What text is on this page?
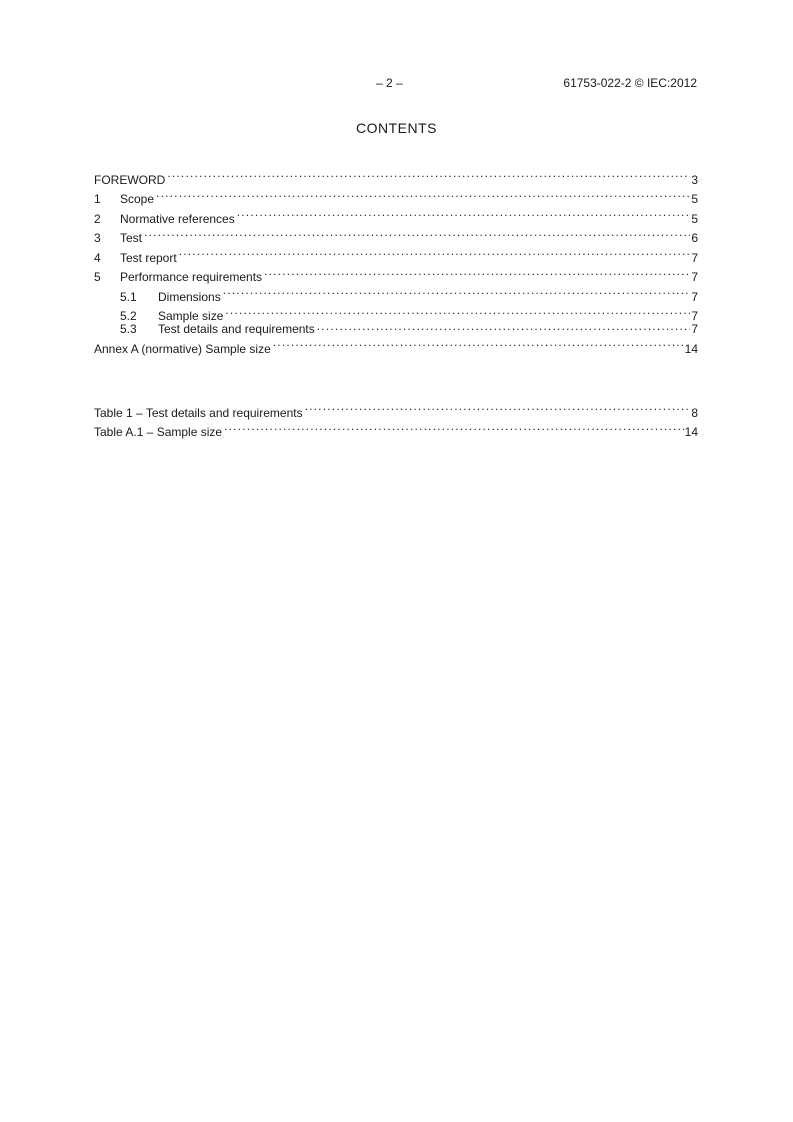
– 2 –	61753-022-2 © IEC:2012
CONTENTS
FOREWORD .....	3
1	Scope .....	5
2	Normative references .....	5
3	Test .....	6
4	Test report .....	7
5	Performance requirements .....	7
5.1	Dimensions .....	7
5.2	Sample size .....	7
5.3	Test details and requirements .....	7
Annex A (normative) Sample size .....	14
Table 1 – Test details and requirements .....	8
Table A.1 – Sample size .....	14
